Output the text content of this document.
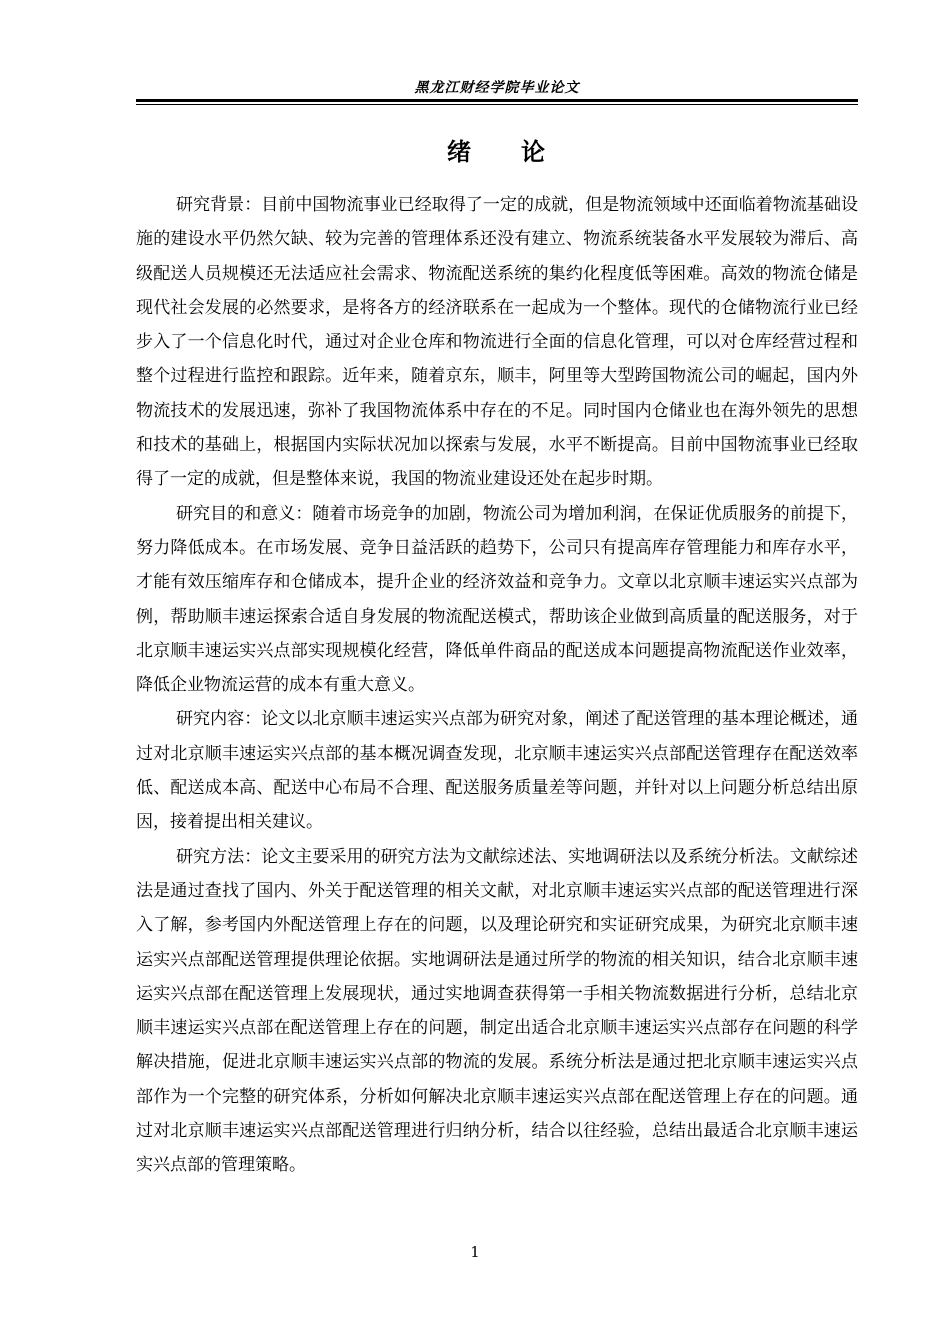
黑龙江财经学院毕业论文
绪 论

研究背景：目前中国物流事业已经取得了一定的成就，但是物流领域中还面临着物流基础设施的建设水平仍然欠缺、较为完善的管理体系还没有建立、物流系统装备水平发展较为滞后、高级配送人员规模还无法适应社会需求、物流配送系统的集约化程度低等困难。高效的物流仓储是现代社会发展的必然要求，是将各方的经济联系在一起成为一个整体。现代的仓储物流行业已经步入了一个信息化时代，通过对企业仓库和物流进行全面的信息化管理，可以对仓库经营过程和整个过程进行监控和跟踪。近年来，随着京东，顺丰，阿里等大型跨国物流公司的崛起，国内外物流技术的发展迅速，弥补了我国物流体系中存在的不足。同时国内仓储业也在海外领先的思想和技术的基础上，根据国内实际状况加以探索与发展，水平不断提高。目前中国物流事业已经取得了一定的成就，但是整体来说，我国的物流业建设还处在起步时期。

研究目的和意义：随着市场竞争的加剧，物流公司为增加利润，在保证优质服务的前提下，努力降低成本。在市场发展、竞争日益活跃的趋势下，公司只有提高库存管理能力和库存水平，才能有效压缩库存和仓储成本，提升企业的经济效益和竞争力。文章以北京顺丰速运实兴点部为例，帮助顺丰速运探索合适自身发展的物流配送模式，帮助该企业做到高质量的配送服务，对于北京顺丰速运实兴点部实现规模化经营，降低单件商品的配送成本问题提高物流配送作业效率，降低企业物流运营的成本有重大意义。

研究内容：论文以北京顺丰速运实兴点部为研究对象，阐述了配送管理的基本理论概述，通过对北京顺丰速运实兴点部的基本概况调查发现，北京顺丰速运实兴点部配送管理存在配送效率低、配送成本高、配送中心布局不合理、配送服务质量差等问题，并针对以上问题分析总结出原因，接着提出相关建议。

研究方法：论文主要采用的研究方法为文献综述法、实地调研法以及系统分析法。文献综述法是通过查找了国内、外关于配送管理的相关文献，对北京顺丰速运实兴点部的配送管理进行深入了解，参考国内外配送管理上存在的问题，以及理论研究和实证研究成果，为研究北京顺丰速运实兴点部配送管理提供理论依据。实地调研法是通过所学的物流的相关知识，结合北京顺丰速运实兴点部在配送管理上发展现状，通过实地调查获得第一手相关物流数据进行分析，总结北京顺丰速运实兴点部在配送管理上存在的问题，制定出适合北京顺丰速运实兴点部存在问题的科学解决措施，促进北京顺丰速运实兴点部的物流的发展。系统分析法是通过把北京顺丰速运实兴点部作为一个完整的研究体系，分析如何解决北京顺丰速运实兴点部在配送管理上存在的问题。通过对北京顺丰速运实兴点部配送管理进行归纳分析，结合以往经验，总结出最适合北京顺丰速运实兴点部的管理策略。

1
